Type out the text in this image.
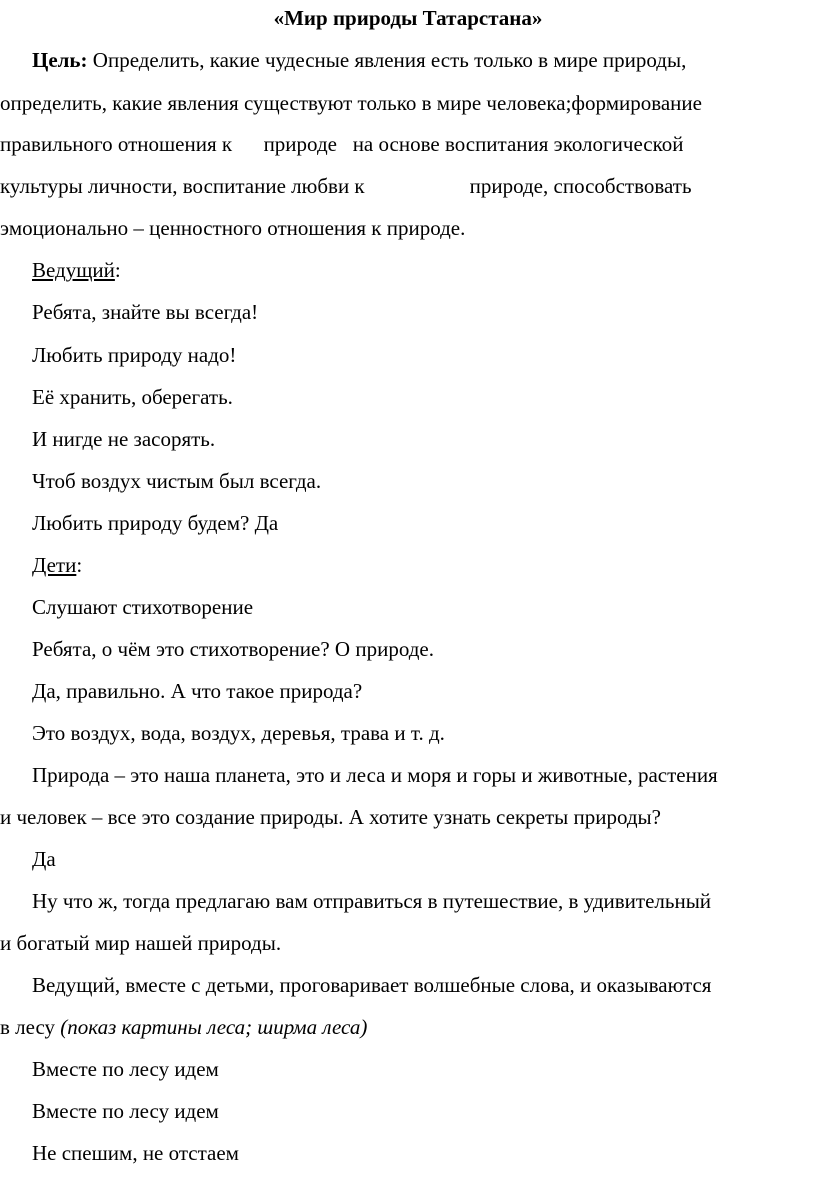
«Мир природы Татарстана»
Цель: Определить, какие чудесные явления есть только в мире природы,
определить, какие явления существуют только в мире человека;формирование
правильного отношения к      природе   на основе воспитания экологической
культуры личности, воспитание любви к                    природе, способствовать
эмоционально – ценностного отношения к природе.
Ведущий:
Ребята, знайте вы всегда!
Любить природу надо!
Её хранить, оберегать.
И нигде не засорять.
Чтоб воздух чистым был всегда.
Любить природу будем? Да
Дети:
Слушают стихотворение
Ребята, о чём это стихотворение? О природе.
Да, правильно. А что такое природа?
Это воздух, вода, воздух, деревья, трава и т. д.
Природа – это наша планета, это и леса и моря и горы и животные, растения
и человек – все это создание природы. А хотите узнать секреты природы?
Да
Ну что ж, тогда предлагаю вам отправиться в путешествие, в удивительный
и богатый мир нашей природы.
Ведущий, вместе с детьми, проговаривает волшебные слова, и оказываются
в лесу (показ картины леса; ширма леса)
Вместе по лесу идем
Вместе по лесу идем
Не спешим, не отстаем
